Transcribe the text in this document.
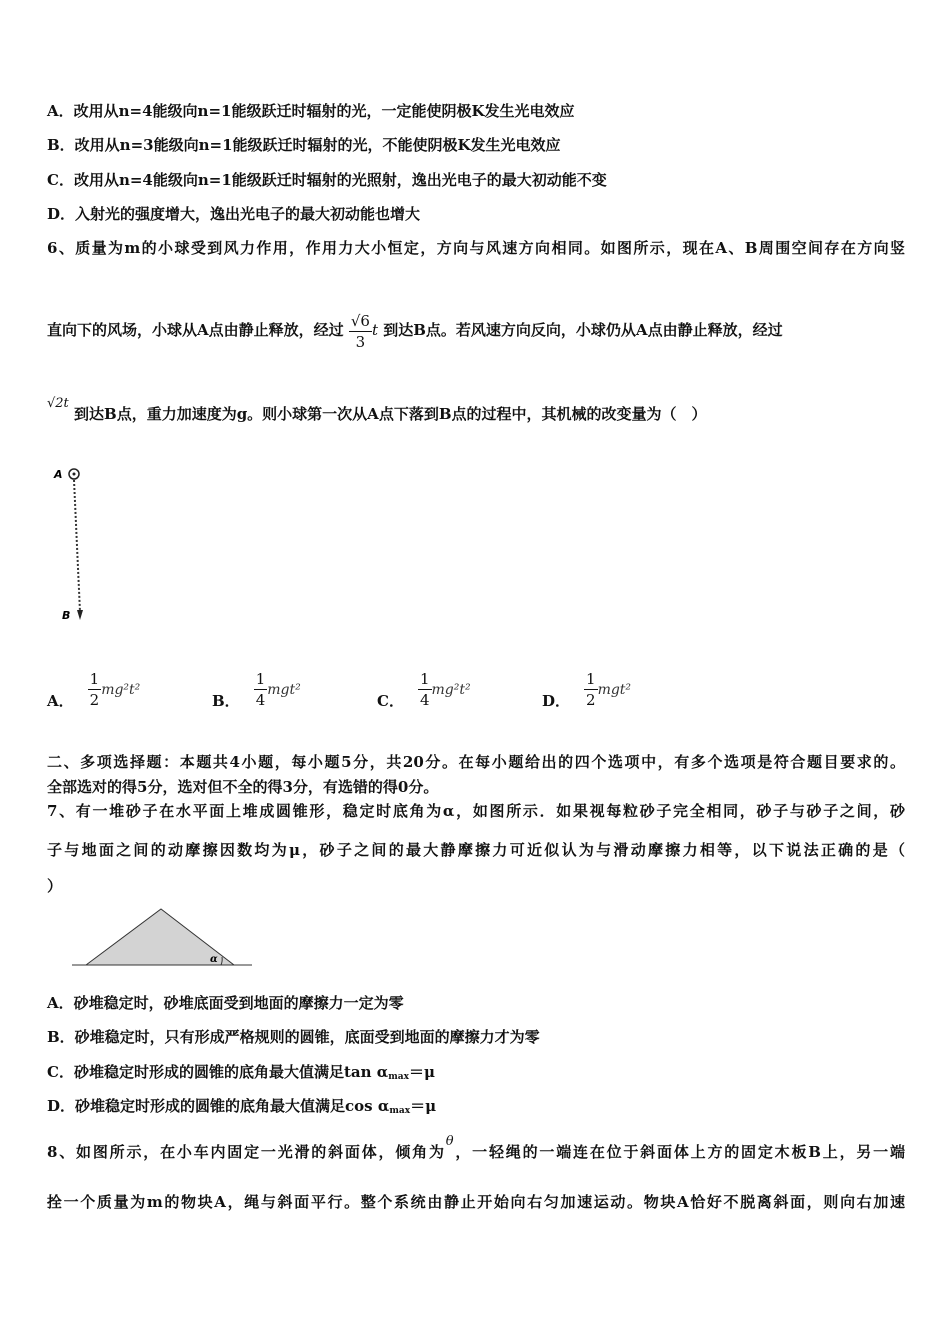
A．改用从n=4能级向n=1能级跃迁时辐射的光，一定能使阴极K发生光电效应
B．改用从n=3能级向n=1能级跃迁时辐射的光，不能使阴极K发生光电效应
C．改用从n=4能级向n=1能级跃迁时辐射的光照射，逸出光电子的最大初动能不变
D．入射光的强度增大，逸出光电子的最大初动能也增大
6、质量为m的小球受到风力作用，作用力大小恒定，方向与风速方向相同。如图所示，现在A、B周围空间存在方向竖
直向下的风场，小球从A点由静止释放，经过 $\frac{√6}{3}$ t 到达B点。若风速方向反向，小球仍从A点由静止释放，经过
√2t 到达B点，重力加速度为g。则小球第一次从A点下落到B点的过程中，其机械的改变量为（　）
A
B
A． $\frac{1}{2} mg^2t^2$
B． $\frac{1}{4} mgt^2$
C． $\frac{1}{4} mg^2t^2$
D． $\frac{1}{2} mgt^2$
二、多项选择题：本题共4小题，每小题5分，共20分。在每小题给出的四个选项中，有多个选项是符合题目要求的。
全部选对的得5分，选对但不全的得3分，有选错的得0分。
7、有一堆砂子在水平面上堆成圆锥形，稳定时底角为α，如图所示．如果视每粒砂子完全相同，砂子与砂子之间，砂
子与地面之间的动摩擦因数均为μ，砂子之间的最大静摩擦力可近似认为与滑动摩擦力相等，以下说法正确的是（
）
α
A．砂堆稳定时，砂堆底面受到地面的摩擦力一定为零
B．砂堆稳定时，只有形成严格规则的圆锥，底面受到地面的摩擦力才为零
C．砂堆稳定时形成的圆锥的底角最大值满足tan αmax＝μ
D．砂堆稳定时形成的圆锥的底角最大值满足cos αmax＝μ
8、如图所示，在小车内固定一光滑的斜面体，倾角为θ，一轻绳的一端连在位于斜面体上方的固定木板B上，另一端
拴一个质量为m的物块A，绳与斜面平行。整个系统由静止开始向右匀加速运动。物块A恰好不脱离斜面，则向右加速
